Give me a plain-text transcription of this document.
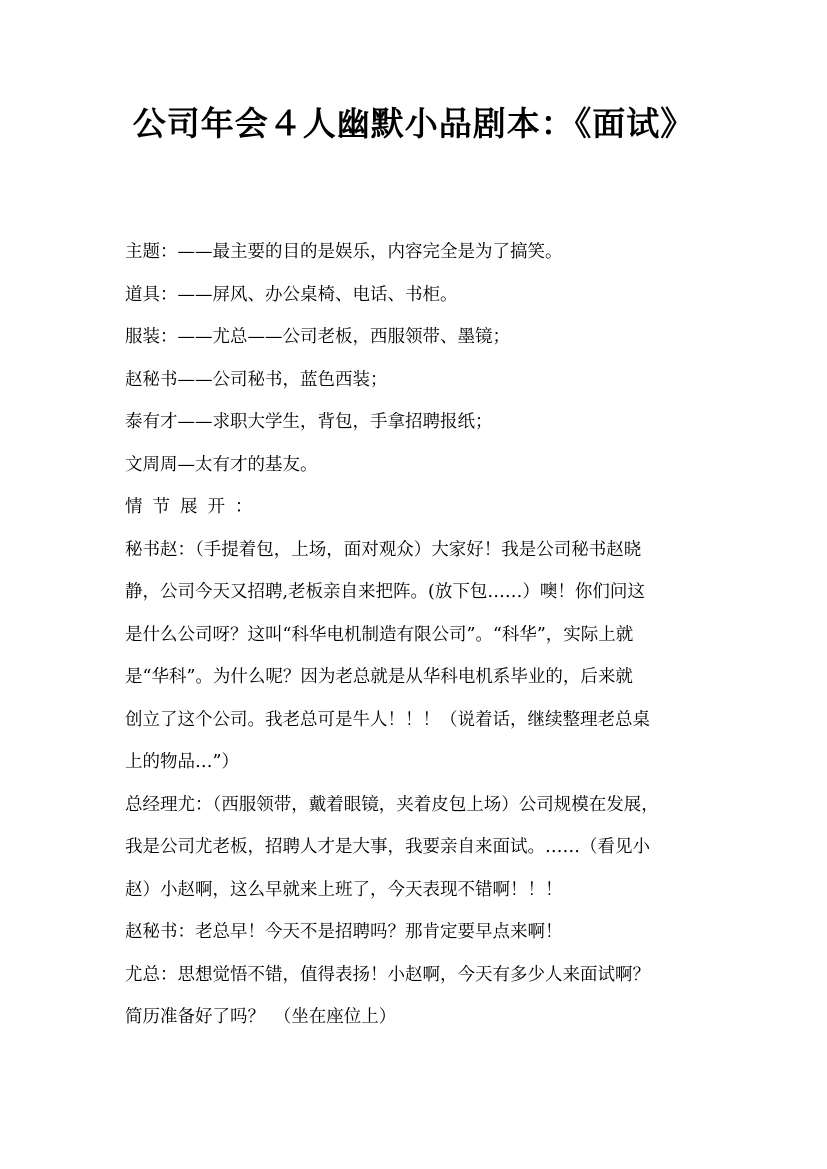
公司年会４人幽默小品剧本：《面试》

主题：——最主要的目的是娱乐，内容完全是为了搞笑。

道具：——屏风、办公桌椅、电话、书柜。

服装：——尤总——公司老板，西服领带、墨镜；

赵秘书——公司秘书，蓝色西装；

泰有才——求职大学生，背包，手拿招聘报纸；

文周周—太有才的基友。

情节展开：

秘书赵：（手提着包，上场，面对观众）大家好！我是公司秘书赵晓

静，公司今天又招聘,老板亲自来把阵。(放下包……）噢！你们问这

是什么公司呀？这叫“科华电机制造有限公司”。“科华”，实际上就

是“华科”。为什么呢？因为老总就是从华科电机系毕业的，后来就

创立了这个公司。我老总可是牛人！！！（说着话，继续整理老总桌

上的物品…”）

总经理尤：（西服领带，戴着眼镜，夹着皮包上场）公司规模在发展，

我是公司尤老板，招聘人才是大事，我要亲自来面试。……（看见小

赵）小赵啊，这么早就来上班了，今天表现不错啊！！！

赵秘书：老总早！今天不是招聘吗？那肯定要早点来啊！

尤总：思想觉悟不错，值得表扬！小赵啊，今天有多少人来面试啊？

简历准备好了吗？　（坐在座位上）
